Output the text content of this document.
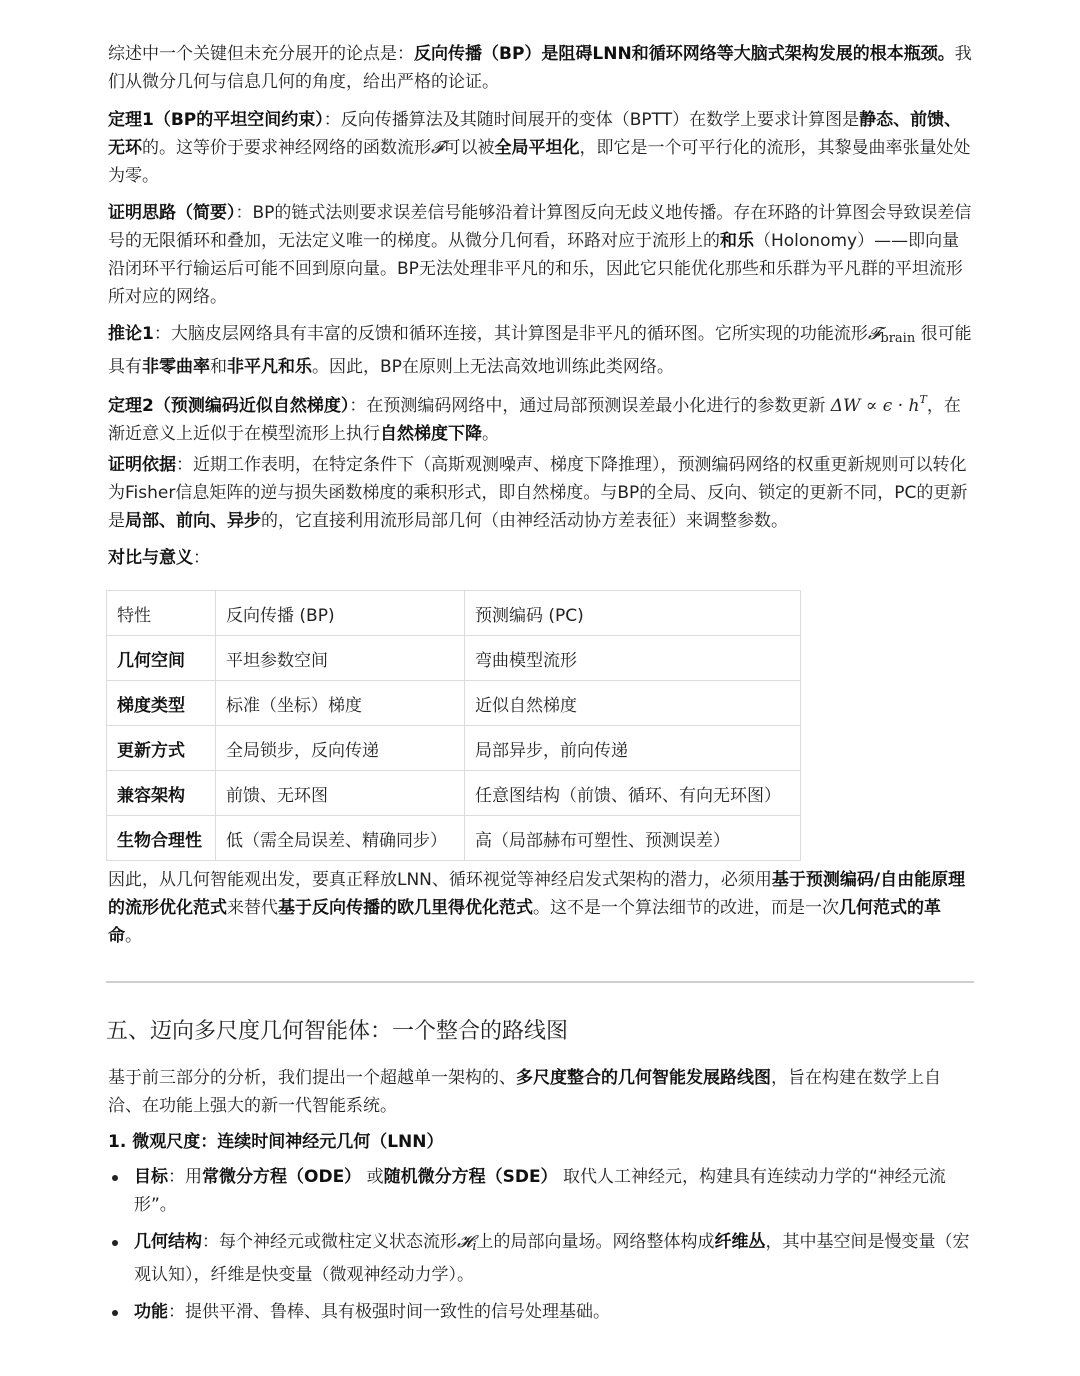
综述中一个关键但未充分展开的论点是：反向传播（BP）是阻碍LNN和循环网络等大脑式架构发展的根本瓶颈。我们从微分几何与信息几何的角度，给出严格的论证。

定理1（BP的平坦空间约束）：反向传播算法及其随时间展开的变体（BPTT）在数学上要求计算图是静态、前馈、无环的。这等价于要求神经网络的函数流形𝓕可以被全局平坦化，即它是一个可平行化的流形，其黎曼曲率张量处处为零。

证明思路（简要）：BP的链式法则要求误差信号能够沿着计算图反向无歧义地传播。存在环路的计算图会导致误差信号的无限循环和叠加，无法定义唯一的梯度。从微分几何看，环路对应于流形上的和乐（Holonomy）——即向量沿闭环平行输运后可能不回到原向量。BP无法处理非平凡的和乐，因此它只能优化那些和乐群为平凡群的平坦流形所对应的网络。

推论1：大脑皮层网络具有丰富的反馈和循环连接，其计算图是非平凡的循环图。它所实现的功能流形𝓕$_{brain}$ 很可能具有非零曲率和非平凡和乐。因此，BP在原则上无法高效地训练此类网络。

定理2（预测编码近似自然梯度）：在预测编码网络中，通过局部预测误差最小化进行的参数更新 $\Delta W \propto \epsilon \cdot h^T$，在渐近意义上近似于在模型流形上执行自然梯度下降。

证明依据：近期工作表明，在特定条件下（高斯观测噪声、梯度下降推理），预测编码网络的权重更新规则可以转化为Fisher信息矩阵的逆与损失函数梯度的乘积形式，即自然梯度。与BP的全局、反向、锁定的更新不同，PC的更新是局部、前向、异步的，它直接利用流形局部几何（由神经活动协方差表征）来调整参数。

对比与意义：

特性	反向传播 (BP)	预测编码 (PC)
几何空间	平坦参数空间	弯曲模型流形
梯度类型	标准（坐标）梯度	近似自然梯度
更新方式	全局锁步，反向传递	局部异步，前向传递
兼容架构	前馈、无环图	任意图结构（前馈、循环、有向无环图）
生物合理性	低（需全局误差、精确同步）	高（局部赫布可塑性、预测误差）

因此，从几何智能观出发，要真正释放LNN、循环视觉等神经启发式架构的潜力，必须用基于预测编码/自由能原理的流形优化范式来替代基于反向传播的欧几里得优化范式。这不是一个算法细节的改进，而是一次几何范式的革命。

五、迈向多尺度几何智能体：一个整合的路线图

基于前三部分的分析，我们提出一个超越单一架构的、多尺度整合的几何智能发展路线图，旨在构建在数学上自洽、在功能上强大的新一代智能系统。

1. 微观尺度：连续时间神经元几何（LNN）

目标：用常微分方程（ODE） 或随机微分方程（SDE） 取代人工神经元，构建具有连续动力学的“神经元流形”。
几何结构：每个神经元或微柱定义状态流形𝓗$_i$上的局部向量场。网络整体构成纤维丛，其中基空间是慢变量（宏观认知），纤维是快变量（微观神经动力学）。
功能：提供平滑、鲁棒、具有极强时间一致性的信号处理基础。
